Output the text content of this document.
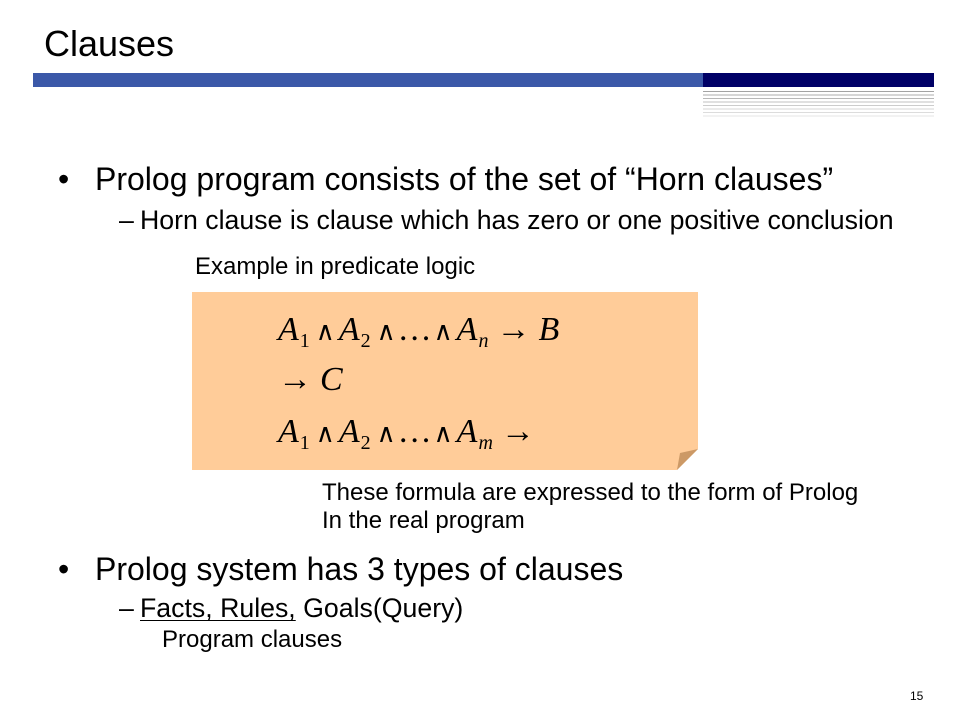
Clauses
• Prolog program consists of the set of “Horn clauses”
– Horn clause is clause which has zero or one positive conclusion
Example in predicate logic
A 1 ∧ A 2 ∧ … ∧ A n → B
→ C
A 1 ∧ A 2 ∧ … ∧ A m →
These formula are expressed to the form of Prolog
In the real program
• Prolog system has 3 types of clauses
– Facts, Rules, Goals(Query)
Program clauses
15
